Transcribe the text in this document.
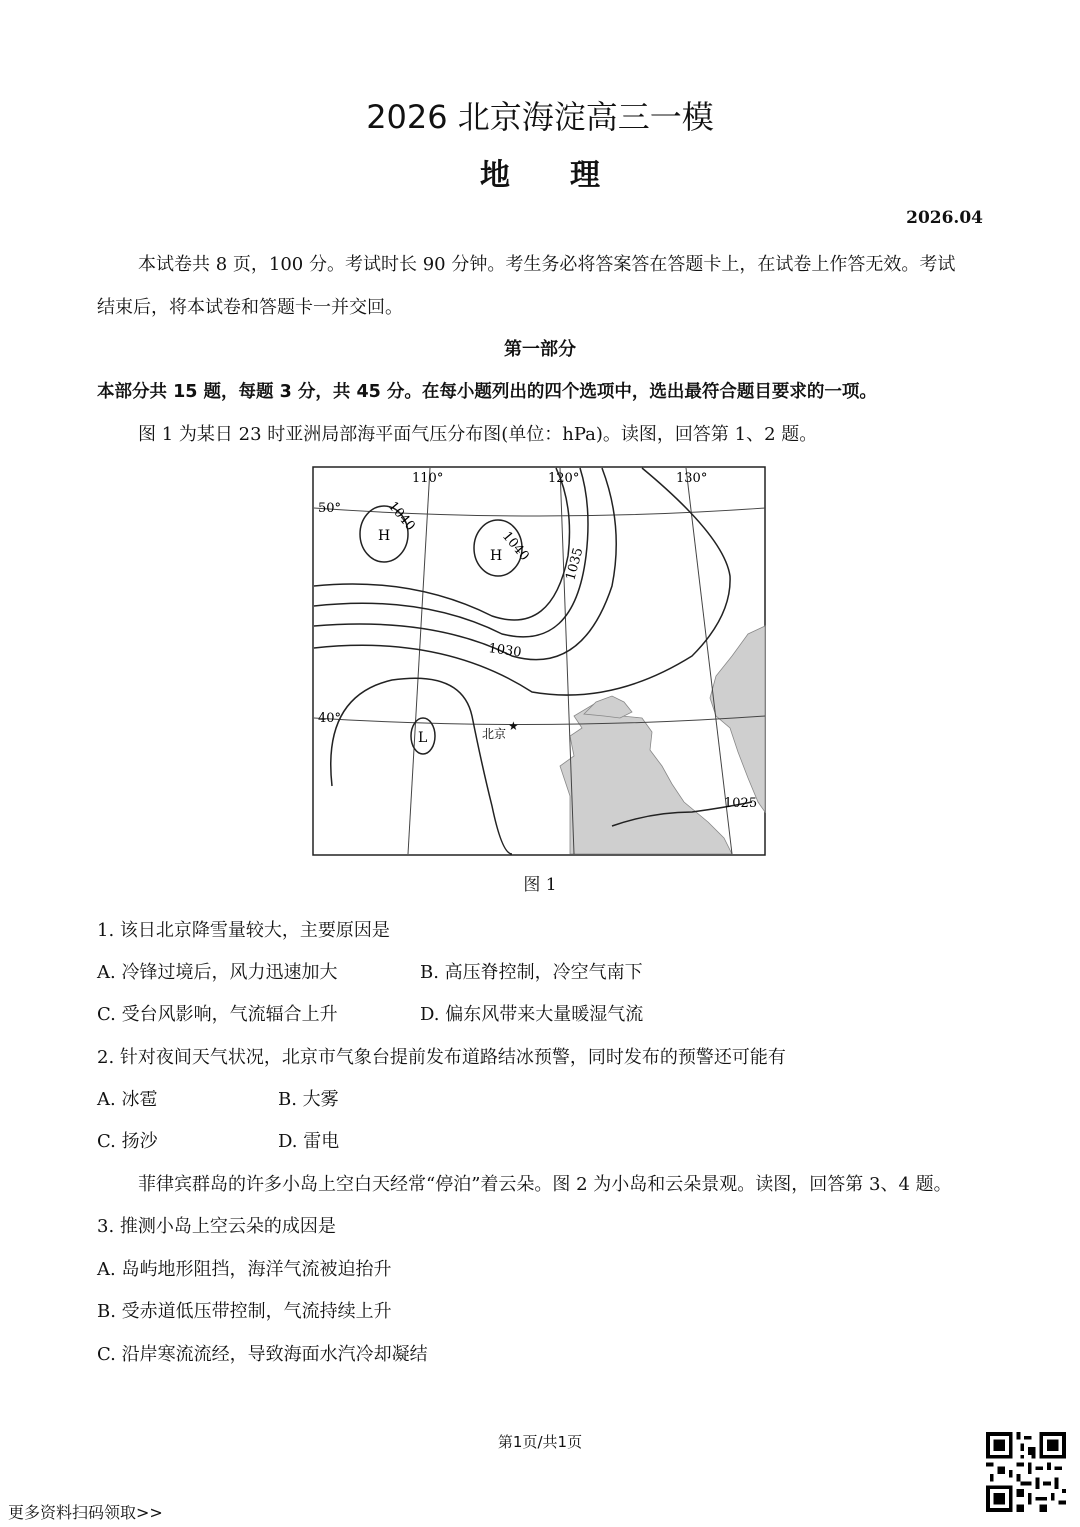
2026 北京海淀高三一模
地理
2026.04
本试卷共 8 页，100 分。考试时长 90 分钟。考生务必将答案答在答题卡上，在试卷上作答无效。考试
结束后，将本试卷和答题卡一并交回。
第一部分
本部分共 15 题，每题 3 分，共 45 分。在每小题列出的四个选项中，选出最符合题目要求的一项。
图 1 为某日 23 时亚洲局部海平面气压分布图(单位：hPa)。读图，回答第 1、2 题。
★
110°	120°	130°
50°
40°
1040
1040 1035
1030
1025
H
H
L	北京
图 1
1. 该日北京降雪量较大，主要原因是
A. 冷锋过境后，风力迅速加大	B. 高压脊控制，冷空气南下
C. 受台风影响，气流辐合上升	D. 偏东风带来大量暖湿气流
2. 针对夜间天气状况，北京市气象台提前发布道路结冰预警，同时发布的预警还可能有
A. 冰雹	B. 大雾
C. 扬沙	D. 雷电
菲律宾群岛的许多小岛上空白天经常“停泊”着云朵。图 2 为小岛和云朵景观。读图，回答第 3、4 题。
3. 推测小岛上空云朵的成因是
A. 岛屿地形阻挡，海洋气流被迫抬升
B. 受赤道低压带控制，气流持续上升
C. 沿岸寒流流经，导致海面水汽冷却凝结
第1页/共1页
更多资料扫码领取>>
